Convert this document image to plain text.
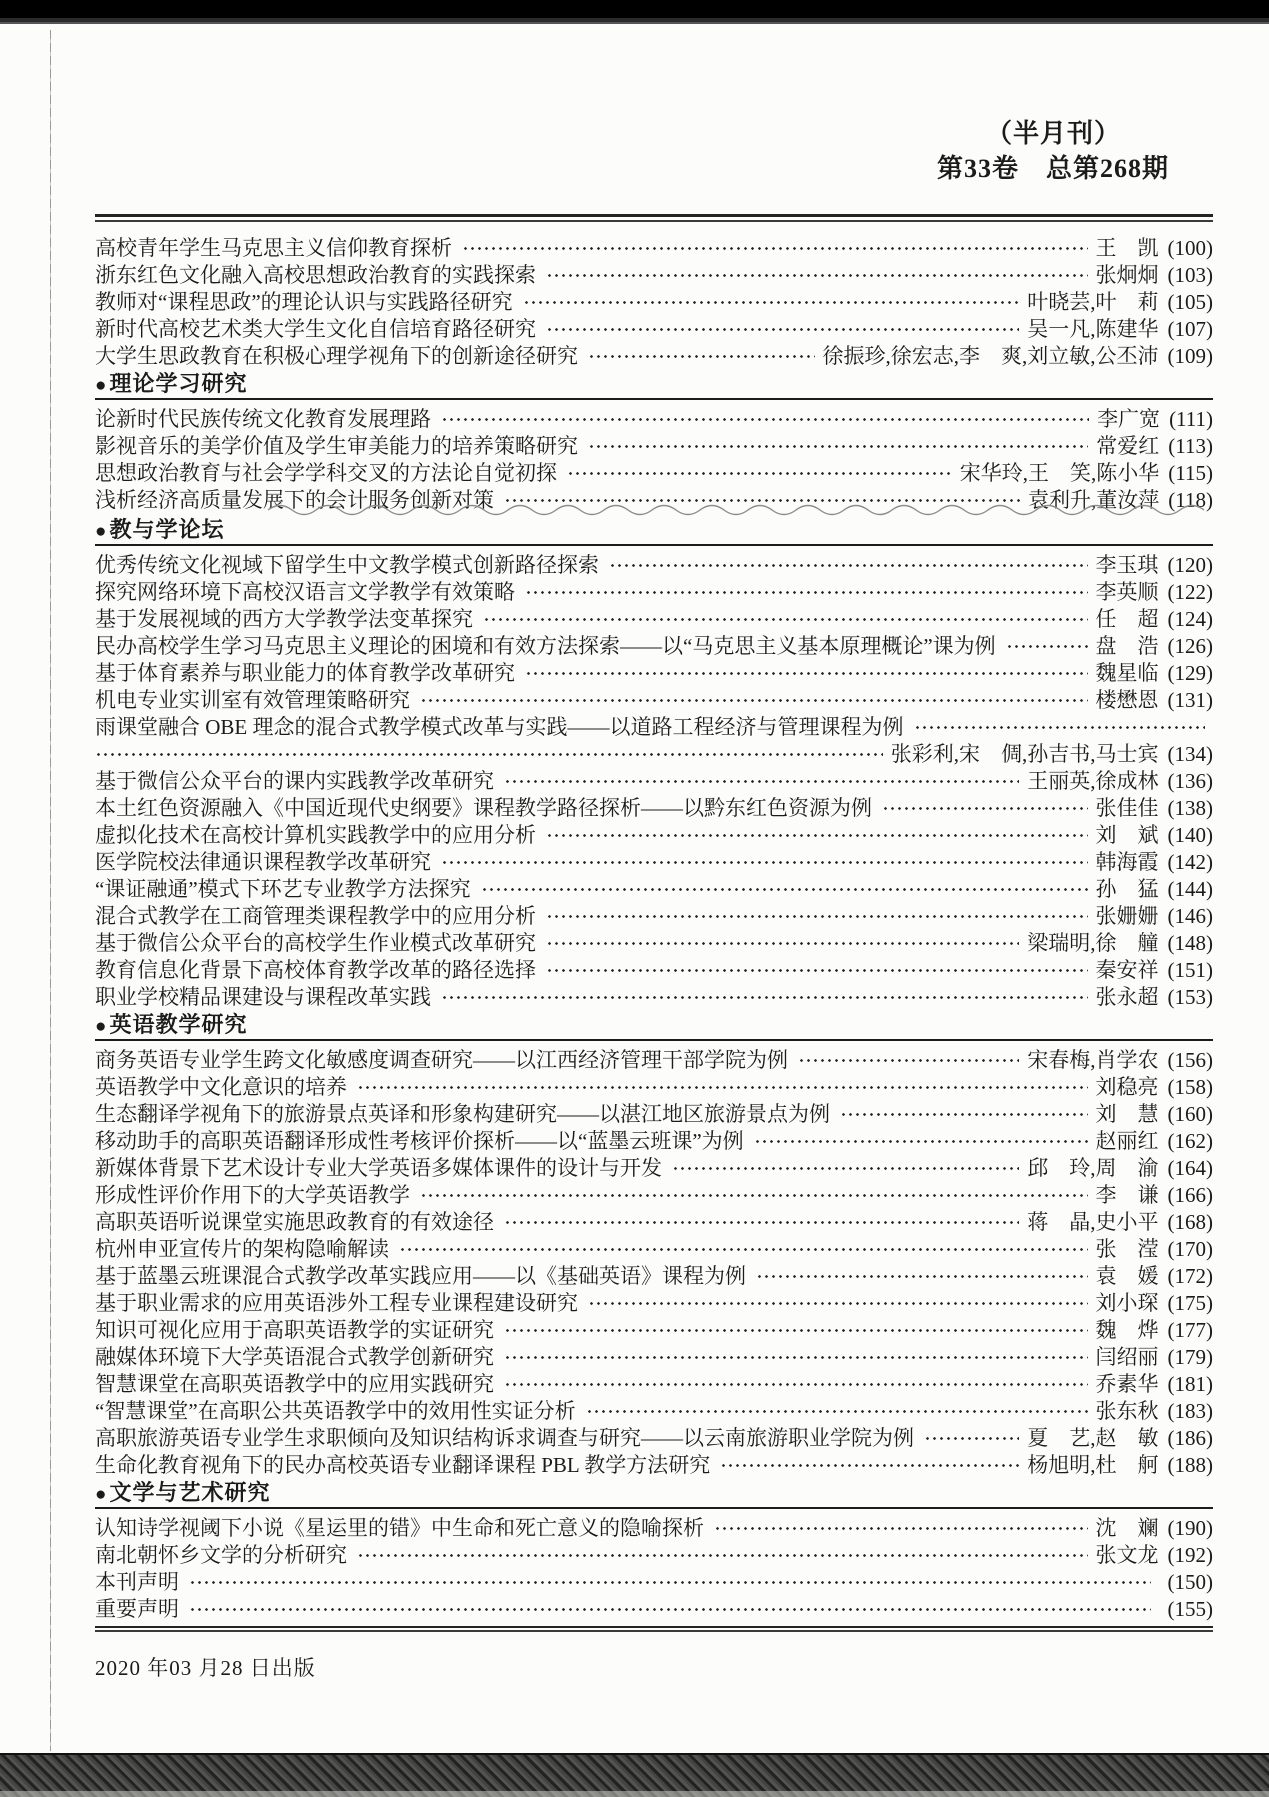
（半月刊）
第33卷　总第268期
高校青年学生马克思主义信仰教育探析	王　凯 (100)
浙东红色文化融入高校思想政治教育的实践探索	张炯炯 (103)
教师对“课程思政”的理论认识与实践路径研究	叶晓芸,叶　莉 (105)
新时代高校艺术类大学生文化自信培育路径研究	吴一凡,陈建华 (107)
大学生思政教育在积极心理学视角下的创新途径研究	徐振珍,徐宏志,李　爽,刘立敏,公丕沛 (109)
●理论学习研究
论新时代民族传统文化教育发展理路	李广宽 (111)
影视音乐的美学价值及学生审美能力的培养策略研究	常爱红 (113)
思想政治教育与社会学学科交叉的方法论自觉初探	宋华玲,王　笑,陈小华 (115)
浅析经济高质量发展下的会计服务创新对策	袁利升,董汝萍 (118)
●教与学论坛
优秀传统文化视域下留学生中文教学模式创新路径探索	李玉琪 (120)
探究网络环境下高校汉语言文学教学有效策略	李英顺 (122)
基于发展视域的西方大学教学法变革探究	任　超 (124)
民办高校学生学习马克思主义理论的困境和有效方法探索——以“马克思主义基本原理概论”课为例	盘　浩 (126)
基于体育素养与职业能力的体育教学改革研究	魏星临 (129)
机电专业实训室有效管理策略研究	楼懋恩 (131)
雨课堂融合 OBE 理念的混合式教学模式改革与实践——以道路工程经济与管理课程为例
张彩利,宋　倜,孙吉书,马士宾 (134)
基于微信公众平台的课内实践教学改革研究	王丽英,徐成林 (136)
本土红色资源融入《中国近现代史纲要》课程教学路径探析——以黔东红色资源为例	张佳佳 (138)
虚拟化技术在高校计算机实践教学中的应用分析	刘　斌 (140)
医学院校法律通识课程教学改革研究	韩海霞 (142)
“课证融通”模式下环艺专业教学方法探究	孙　猛 (144)
混合式教学在工商管理类课程教学中的应用分析	张姗姗 (146)
基于微信公众平台的高校学生作业模式改革研究	梁瑞明,徐　艟 (148)
教育信息化背景下高校体育教学改革的路径选择	秦安祥 (151)
职业学校精品课建设与课程改革实践	张永超 (153)
●英语教学研究
商务英语专业学生跨文化敏感度调查研究——以江西经济管理干部学院为例	宋春梅,肖学农 (156)
英语教学中文化意识的培养	刘稳亮 (158)
生态翻译学视角下的旅游景点英译和形象构建研究——以湛江地区旅游景点为例	刘　慧 (160)
移动助手的高职英语翻译形成性考核评价探析——以“蓝墨云班课”为例	赵丽红 (162)
新媒体背景下艺术设计专业大学英语多媒体课件的设计与开发	邱　玲,周　渝 (164)
形成性评价作用下的大学英语教学	李　谦 (166)
高职英语听说课堂实施思政教育的有效途径	蒋　晶,史小平 (168)
杭州申亚宣传片的架构隐喻解读	张　滢 (170)
基于蓝墨云班课混合式教学改革实践应用——以《基础英语》课程为例	袁　媛 (172)
基于职业需求的应用英语涉外工程专业课程建设研究	刘小琛 (175)
知识可视化应用于高职英语教学的实证研究	魏　烨 (177)
融媒体环境下大学英语混合式教学创新研究	闫绍丽 (179)
智慧课堂在高职英语教学中的应用实践研究	乔素华 (181)
“智慧课堂”在高职公共英语教学中的效用性实证分析	张东秋 (183)
高职旅游英语专业学生求职倾向及知识结构诉求调查与研究——以云南旅游职业学院为例	夏　艺,赵　敏 (186)
生命化教育视角下的民办高校英语专业翻译课程 PBL 教学方法研究	杨旭明,杜　舸 (188)
●文学与艺术研究
认知诗学视阈下小说《星运里的错》中生命和死亡意义的隐喻探析	沈　斓 (190)
南北朝怀乡文学的分析研究	张文龙 (192)
本刊声明	(150)
重要声明	(155)
2020 年03 月28 日出版
